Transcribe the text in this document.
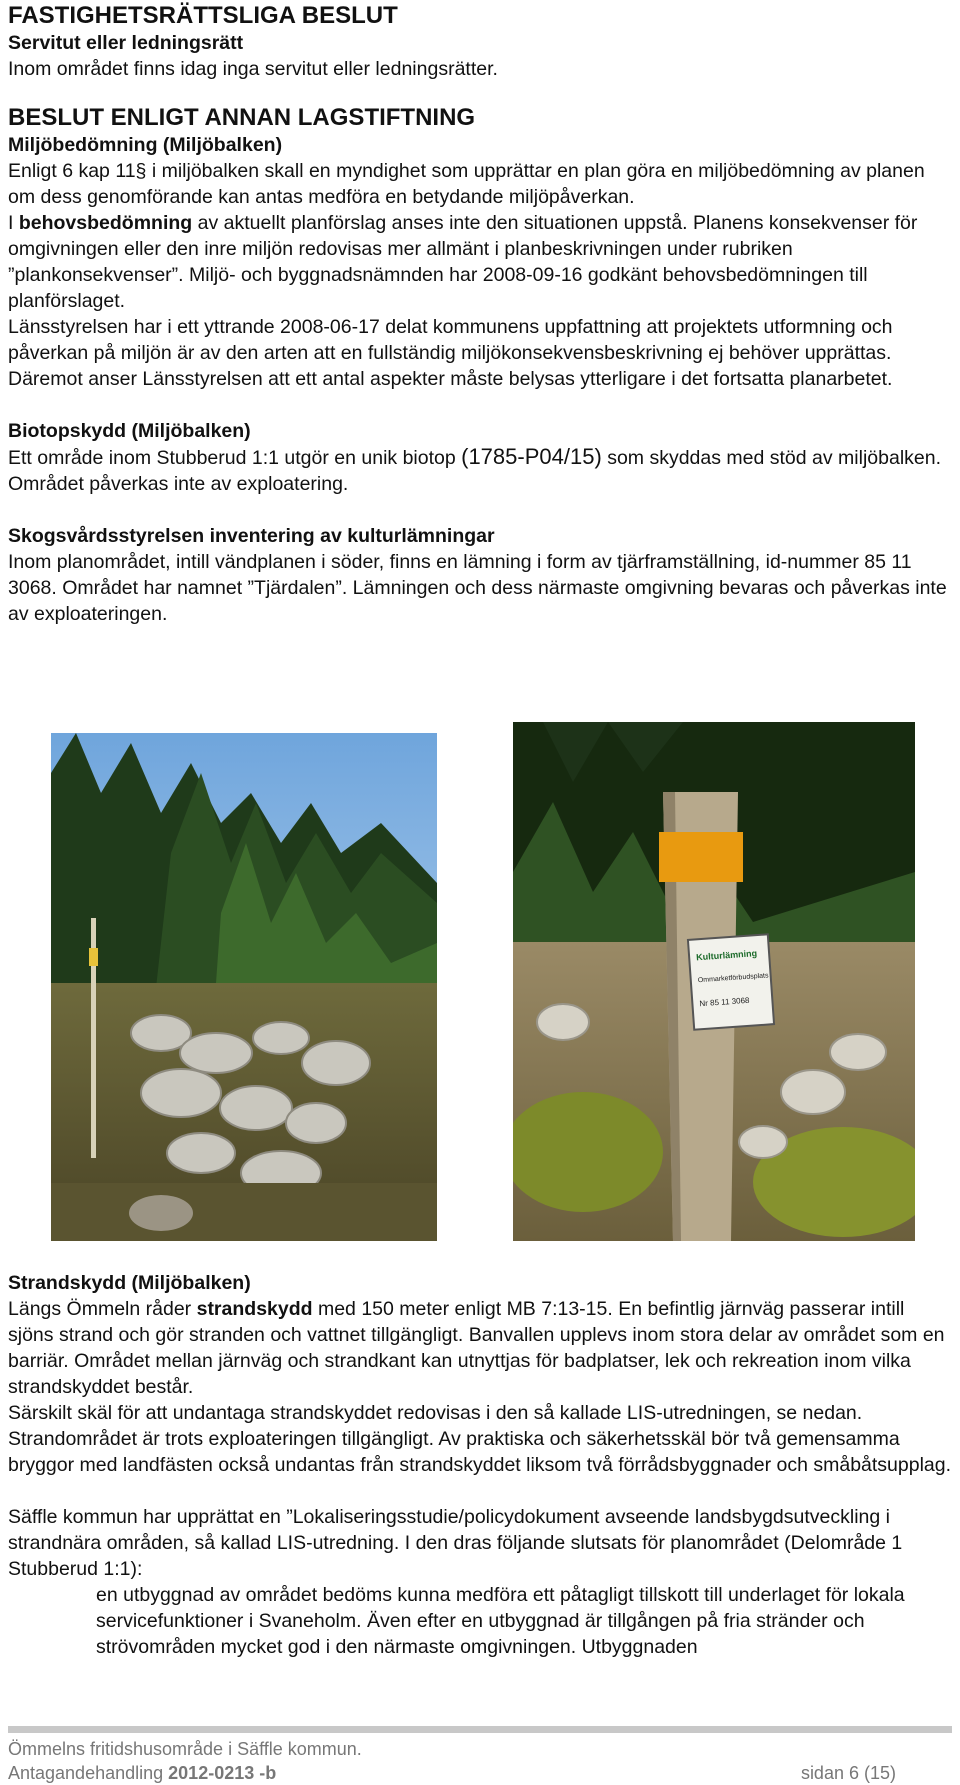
FASTIGHETSRÄTTSLIGA BESLUT
Servitut eller ledningsrätt

Inom området finns idag inga servitut eller ledningsrätter.

BESLUT ENLIGT ANNAN LAGSTIFTNING
Miljöbedömning (Miljöbalken)

Enligt 6 kap 11§ i miljöbalken skall en myndighet som upprättar en plan göra en miljöbedömning av planen om dess genomförande kan antas medföra en betydande miljöpåverkan.

I behovsbedömning av aktuellt planförslag anses inte den situationen uppstå. Planens konsekvenser för omgivningen eller den inre miljön redovisas mer allmänt i planbeskrivningen under rubriken ”plankonsekvenser”. Miljö- och byggnadsnämnden har 2008-09-16 godkänt behovsbedömningen till planförslaget.

Länsstyrelsen har i ett yttrande 2008-06-17 delat kommunens uppfattning att projektets utformning och påverkan på miljön är av den arten att en fullständig miljökonsekvensbeskrivning ej behöver upprättas. Däremot anser Länsstyrelsen att ett antal aspekter måste belysas ytterligare i det fortsatta planarbetet.

Biotopskydd (Miljöbalken)

Ett område inom Stubberud 1:1 utgör en unik biotop (1785-P04/15) som skyddas med stöd av miljöbalken. Området påverkas inte av exploatering.

Skogsvårdsstyrelsen inventering av kulturlämningar

Inom planområdet, intill vändplanen i söder, finns en lämning i form av tjärframställning, id-nummer 85 11 3068. Området har namnet ”Tjärdalen”. Lämningen och dess närmaste omgivning bevaras och påverkas inte av exploateringen.

Kulturlämning
Ommarketförbudsplats
Nr 85 11 3068
Strandskydd (Miljöbalken)

Längs Ömmeln råder strandskydd med 150 meter enligt MB 7:13-15. En befintlig järnväg passerar intill sjöns strand och gör stranden och vattnet tillgängligt. Banvallen upplevs inom stora delar av området som en barriär. Området mellan järnväg och strandkant kan utnyttjas för badplatser, lek och rekreation inom vilka strandskyddet består.

Särskilt skäl för att undantaga strandskyddet redovisas i den så kallade LIS-utredningen, se nedan.

Strandområdet är trots exploateringen tillgängligt. Av praktiska och säkerhetsskäl bör två gemensamma bryggor med landfästen också undantas från strandskyddet liksom två förrådsbyggnader och småbåtsupplag.

Säffle kommun har upprättat en ”Lokaliseringsstudie/policydokument avseende landsbygdsutveckling i strandnära områden, så kallad LIS-utredning. I den dras följande slutsats för planområdet (Delområde 1 Stubberud 1:1):

en utbyggnad av området bedöms kunna medföra ett påtagligt tillskott till underlaget för lokala servicefunktioner i Svaneholm. Även efter en utbyggnad är tillgången på fria stränder och strövområden mycket god i den närmaste omgivningen. Utbyggnaden

Ömmelns fritidshusområde i Säffle kommun.
Antagandehandling 2012-0213 -b	sidan 6 (15)
